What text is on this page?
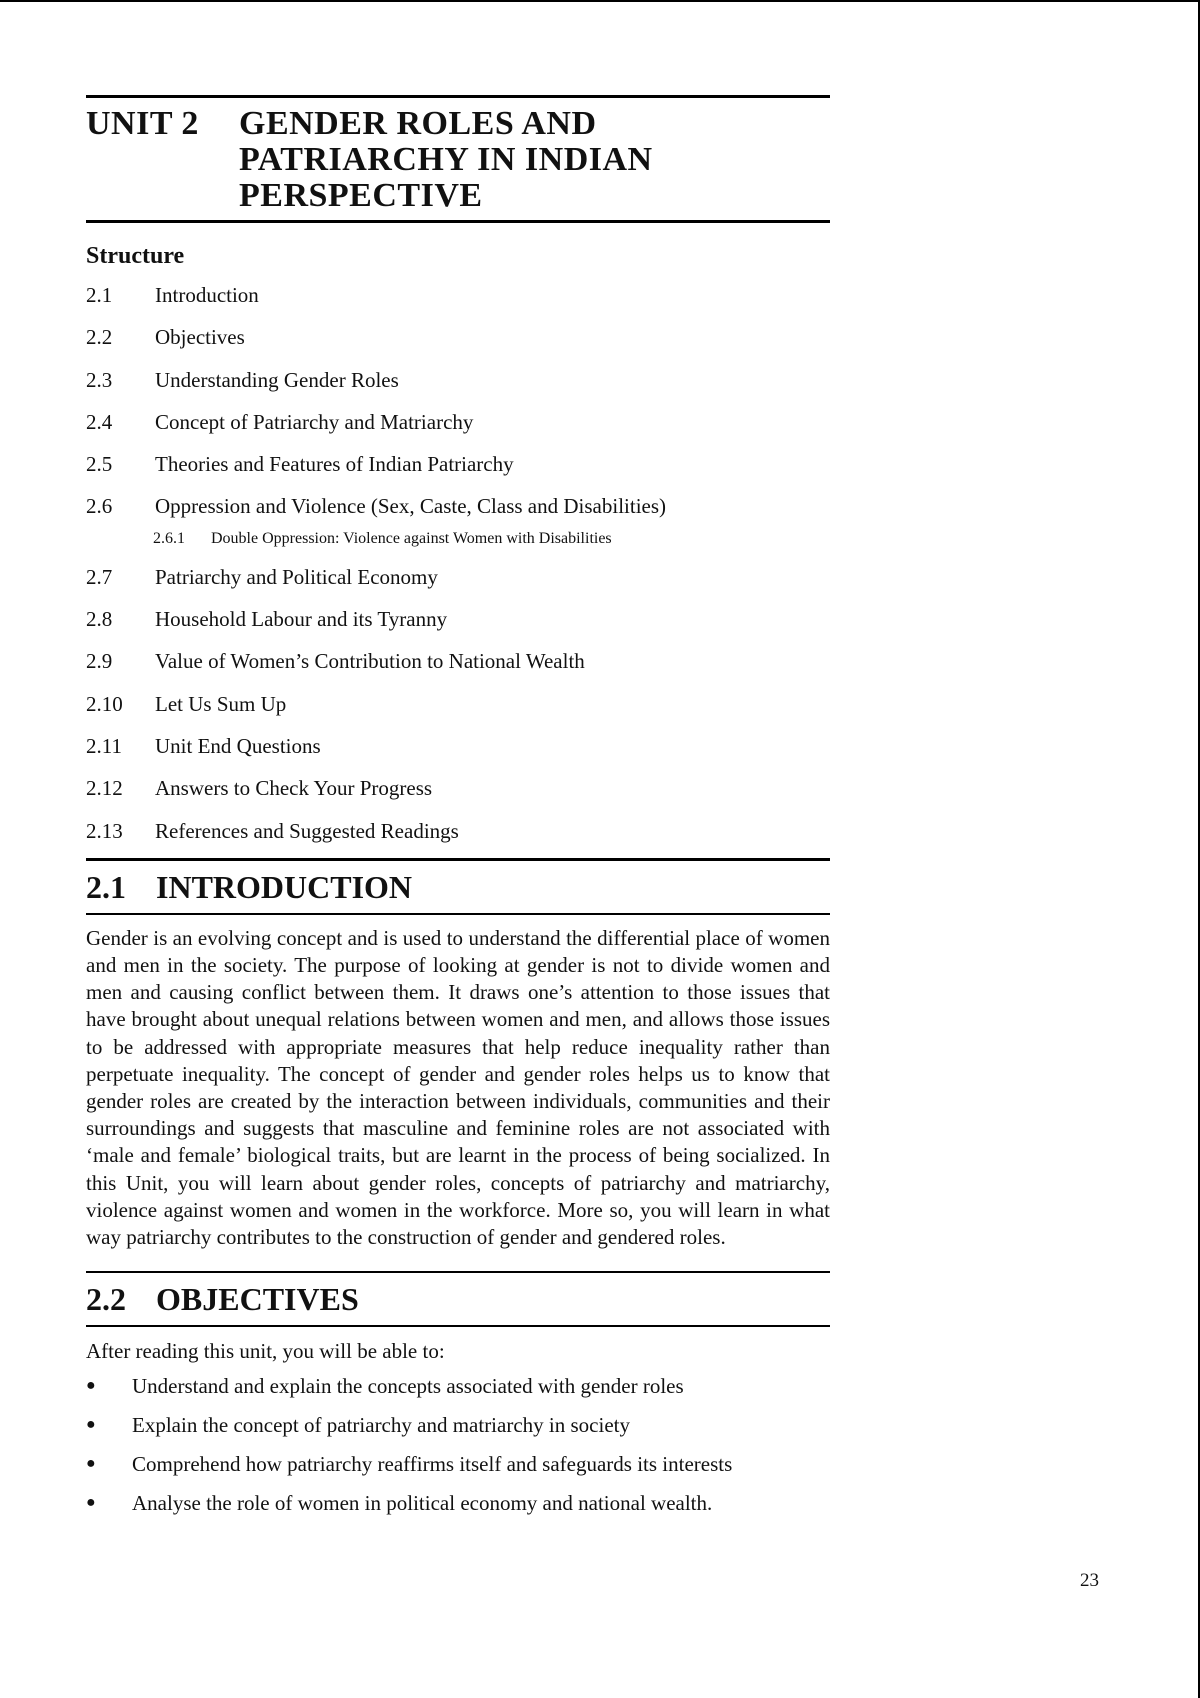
UNIT 2	GENDER ROLES AND
PATRIARCHY IN INDIAN
PERSPECTIVE
Structure
2.1	Introduction
2.2	Objectives
2.3	Understanding Gender Roles
2.4	Concept of Patriarchy and Matriarchy
2.5	Theories and Features of Indian Patriarchy
2.6	Oppression and Violence (Sex, Caste, Class and Disabilities)
2.6.1	Double Oppression: Violence against Women with Disabilities
2.7	Patriarchy and Political Economy
2.8	Household Labour and its Tyranny
2.9	Value of Women’s Contribution to National Wealth
2.10	Let Us Sum Up
2.11	Unit End Questions
2.12	Answers to Check Your Progress
2.13	References and Suggested Readings
2.1 INTRODUCTION

Gender is an evolving concept and is used to understand the differential place of women and men in the society. The purpose of looking at gender is not to divide women and men and causing conflict between them. It draws one’s attention to those issues that have brought about unequal relations between women and men, and allows those issues to be addressed with appropriate measures that help reduce inequality rather than perpetuate inequality. The concept of gender and gender roles helps us to know that gender roles are created by the interaction between individuals, communities and their surroundings and suggests that masculine and feminine roles are not associated with ‘male and female’ biological traits, but are learnt in the process of being socialized. In this Unit, you will learn about gender roles, concepts of patriarchy and matriarchy, violence against women and women in the workforce. More so, you will learn in what way patriarchy contributes to the construction of gender and gendered roles.

2.2 OBJECTIVES
After reading this unit, you will be able to:
●	Understand and explain the concepts associated with gender roles
●	Explain the concept of patriarchy and matriarchy in society
●	Comprehend how patriarchy reaffirms itself and safeguards its interests
●	Analyse the role of women in political economy and national wealth.
23
